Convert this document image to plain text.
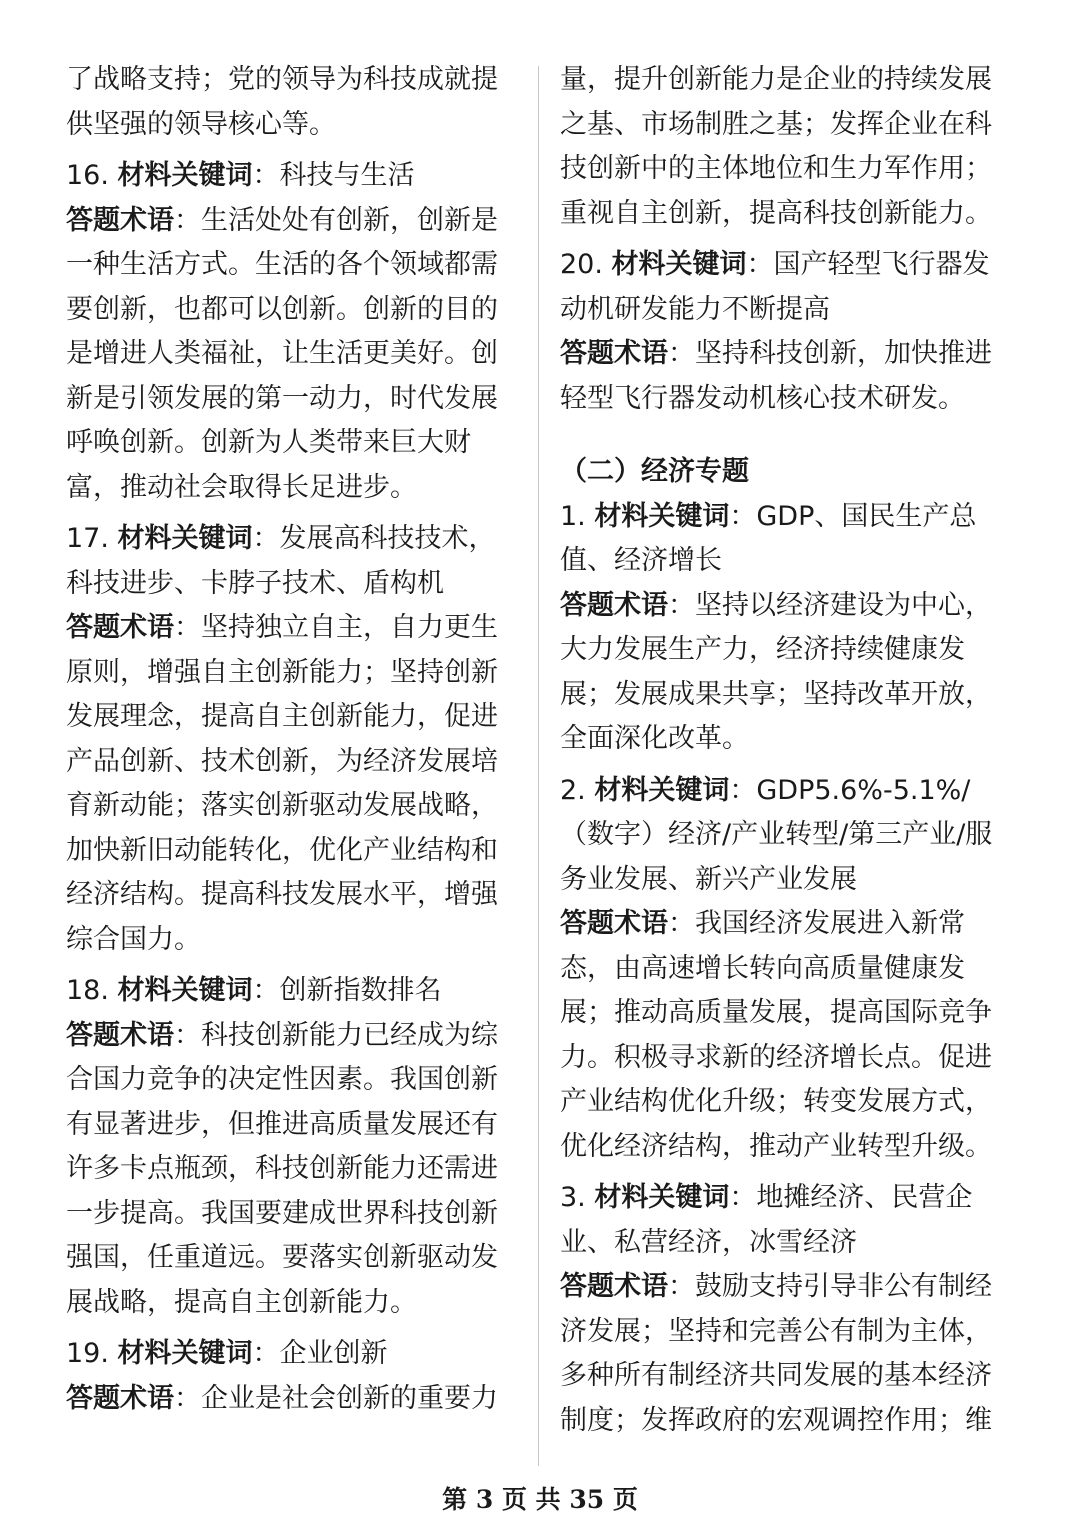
了战略支持；党的领导为科技成就提供坚强的领导核心等。

16. 材料关键词：科技与生活

答题术语：生活处处有创新，创新是一种生活方式。生活的各个领域都需要创新，也都可以创新。创新的目的是增进人类福祉，让生活更美好。创新是引领发展的第一动力，时代发展呼唤创新。创新为人类带来巨大财富，推动社会取得长足进步。

17. 材料关键词：发展高科技技术，科技进步、卡脖子技术、盾构机

答题术语：坚持独立自主，自力更生原则，增强自主创新能力；坚持创新发展理念，提高自主创新能力，促进产品创新、技术创新，为经济发展培育新动能；落实创新驱动发展战略，加快新旧动能转化，优化产业结构和经济结构。提高科技发展水平，增强综合国力。

18. 材料关键词：创新指数排名

答题术语：科技创新能力已经成为综合国力竞争的决定性因素。我国创新有显著进步，但推进高质量发展还有许多卡点瓶颈，科技创新能力还需进一步提高。我国要建成世界科技创新强国，任重道远。要落实创新驱动发展战略，提高自主创新能力。

19. 材料关键词：企业创新

答题术语：企业是社会创新的重要力

量，提升创新能力是企业的持续发展之基、市场制胜之基；发挥企业在科技创新中的主体地位和生力军作用；重视自主创新，提高科技创新能力。

20. 材料关键词：国产轻型飞行器发动机研发能力不断提高

答题术语：坚持科技创新，加快推进轻型飞行器发动机核心技术研发。

（二）经济专题

1. 材料关键词：GDP、国民生产总值、经济增长

答题术语：坚持以经济建设为中心，大力发展生产力，经济持续健康发展；发展成果共享；坚持改革开放，全面深化改革。

2. 材料关键词：GDP5.6%-5.1%/（数字）经济/产业转型/第三产业/服务业发展、新兴产业发展

答题术语：我国经济发展进入新常态，由高速增长转向高质量健康发展；推动高质量发展，提高国际竞争力。积极寻求新的经济增长点。促进产业结构优化升级；转变发展方式，优化经济结构，推动产业转型升级。

3. 材料关键词：地摊经济、民营企业、私营经济，冰雪经济

答题术语：鼓励支持引导非公有制经济发展；坚持和完善公有制为主体，多种所有制经济共同发展的基本经济制度；发挥政府的宏观调控作用；维

第 3 页 共 35 页
